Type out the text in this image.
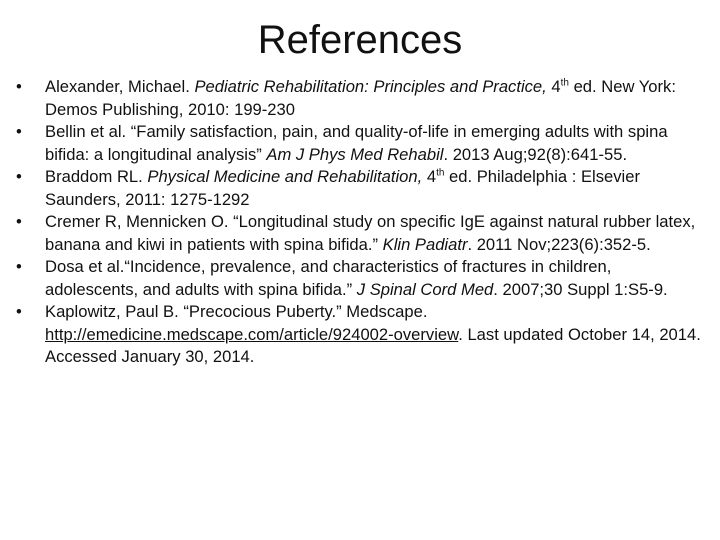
References
•	Alexander, Michael. Pediatric Rehabilitation: Principles and Practice, 4th ed. New York: Demos Publishing, 2010: 199-230
•	Bellin et al. “Family satisfaction, pain, and quality-of-life in emerging adults with spina bifida: a longitudinal analysis” Am J Phys Med Rehabil. 2013 Aug;92(8):641-55.
•	Braddom RL. Physical Medicine and Rehabilitation, 4th ed. Philadelphia : Elsevier Saunders, 2011: 1275-1292
•	Cremer R, Mennicken O. “Longitudinal study on specific IgE against natural rubber latex, banana and kiwi in patients with spina bifida.” Klin Padiatr. 2011 Nov;223(6):352-5.
•	Dosa et al.“Incidence, prevalence, and characteristics of fractures in children, adolescents, and adults with spina bifida.” J Spinal Cord Med. 2007;30 Suppl 1:S5-9.
•	Kaplowitz, Paul B. “Precocious Puberty.” Medscape. http://emedicine.medscape.com/article/924002-overview. Last updated October 14, 2014. Accessed January 30, 2014.
